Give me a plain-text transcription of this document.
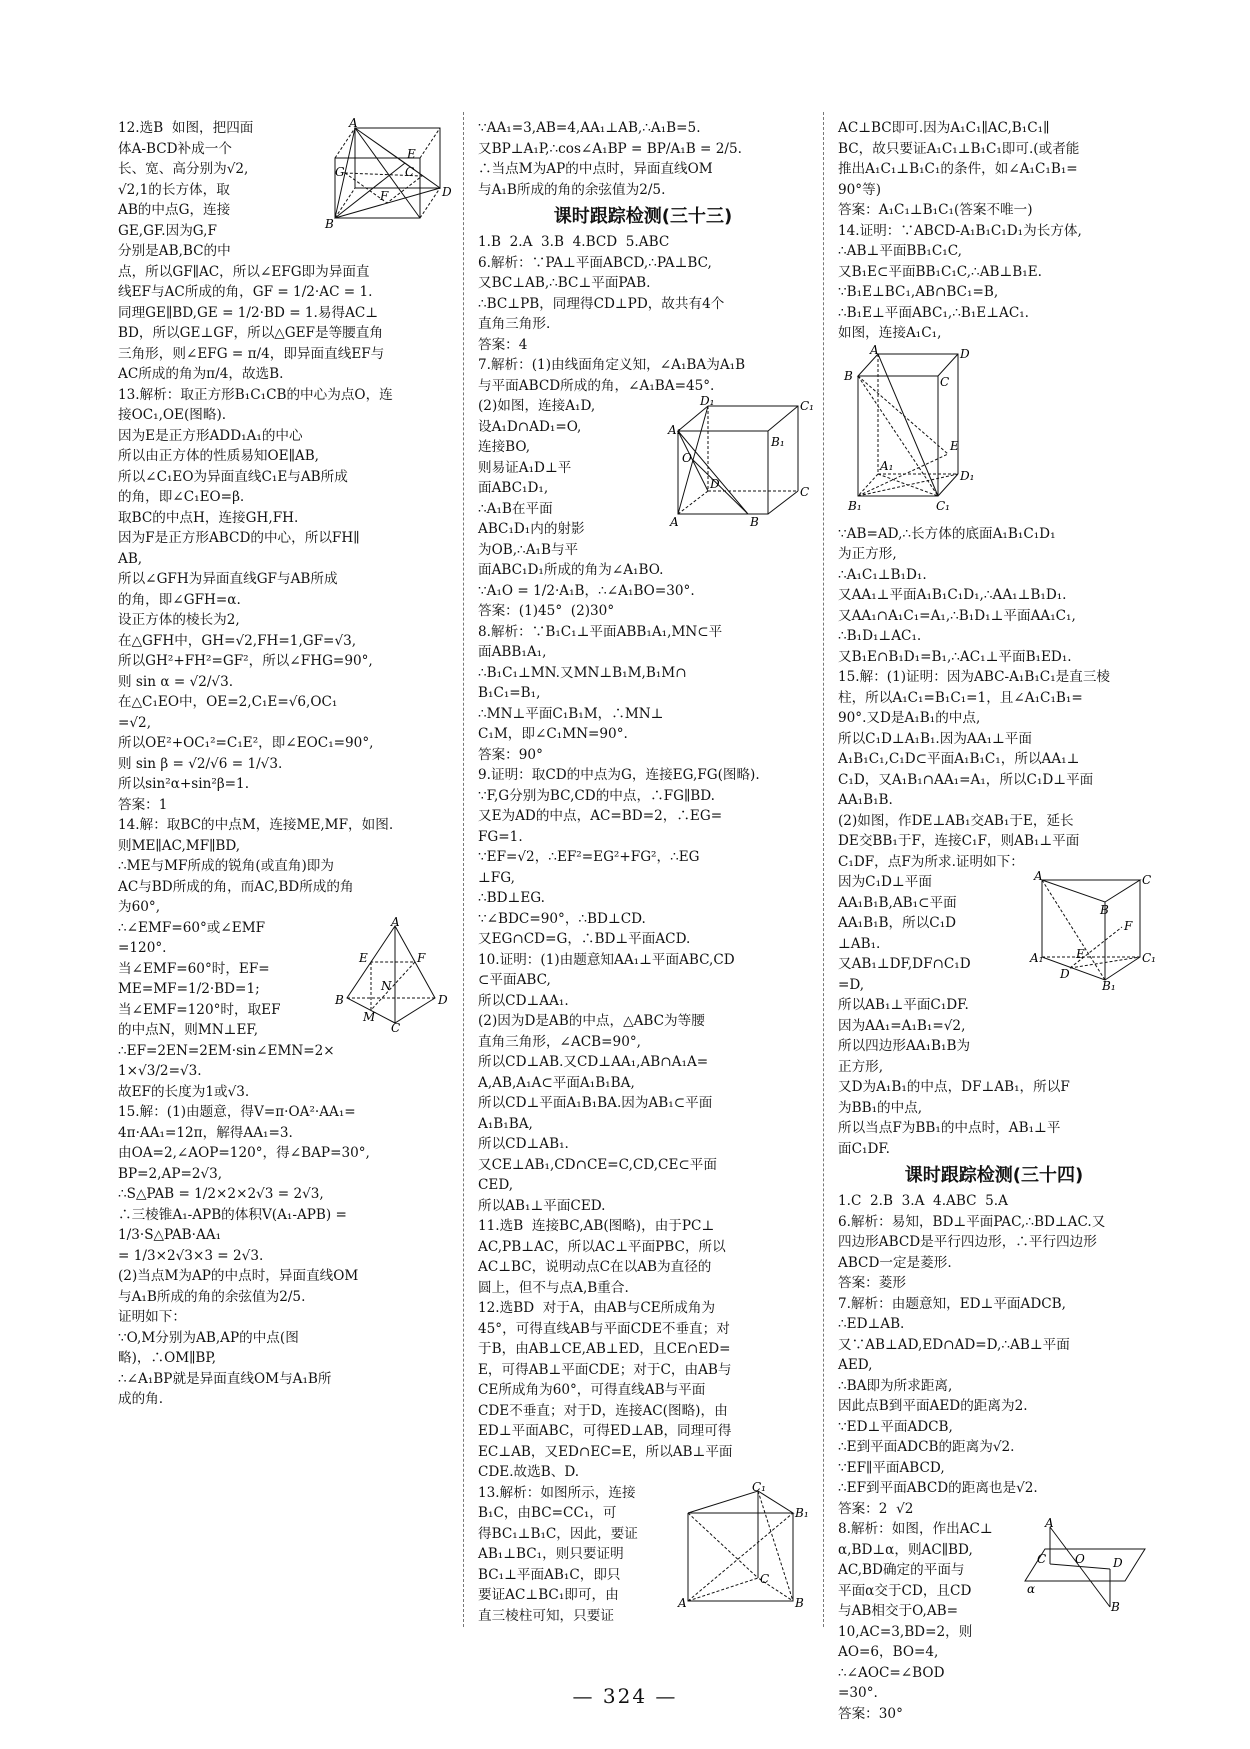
A
B
C
D
G
F
E

12.选B  如图，把四面

体A-BCD补成一个

长、宽、高分别为√2,

√2,1的长方体，取

AB的中点G，连接

GE,GF.因为G,F

分别是AB,BC的中

点，所以GF∥AC，所以∠EFG即为异面直

线EF与AC所成的角，GF = 1/2·AC = 1.

同理GE∥BD,GE = 1/2·BD = 1.易得AC⊥

BD，所以GE⊥GF，所以△GEF是等腰直角

三角形，则∠EFG = π/4，即异面直线EF与

AC所成的角为π/4，故选B.

13.解析：取正方形B₁C₁CB的中心为点O，连

接OC₁,OE(图略).

因为E是正方形ADD₁A₁的中心

所以由正方体的性质易知OE∥AB,

所以∠C₁EO为异面直线C₁E与AB所成

的角，即∠C₁EO=β.

取BC的中点H，连接GH,FH.

因为F是正方形ABCD的中心，所以FH∥

AB,

所以∠GFH为异面直线GF与AB所成

的角，即∠GFH=α.

设正方体的棱长为2,

在△GFH中，GH=√2,FH=1,GF=√3,

所以GH²+FH²=GF²，所以∠FHG=90°,

则 sin α = √2/√3.

在△C₁EO中，OE=2,C₁E=√6,OC₁

=√2,

所以OE²+OC₁²=C₁E²，即∠EOC₁=90°,

则 sin β = √2/√6 = 1/√3.

所以sin²α+sin²β=1.

答案：1

14.解：取BC的中点M，连接ME,MF，如图.

则ME∥AC,MF∥BD,

∴ME与MF所成的锐角(或直角)即为

AC与BD所成的角，而AC,BD所成的角

为60°,

A
B
C
D
E	F
M
N

∴∠EMF=60°或∠EMF

=120°.

当∠EMF=60°时，EF=

ME=MF=1/2·BD=1;

当∠EMF=120°时，取EF

的中点N，则MN⊥EF,

∴EF=2EN=2EM·sin∠EMN=2×

1×√3/2=√3.

故EF的长度为1或√3.

15.解：(1)由题意，得V=π·OA²·AA₁=

4π·AA₁=12π，解得AA₁=3.

由OA=2,∠AOP=120°，得∠BAP=30°,

BP=2,AP=2√3,

∴S△PAB = 1/2×2×2√3 = 2√3,

∴三棱锥A₁-APB的体积V(A₁-APB) =

1/3·S△PAB·AA₁

= 1/3×2√3×3 = 2√3.

(2)当点M为AP的中点时，异面直线OM

与A₁B所成的角的余弦值为2/5.

证明如下：

∵O,M分别为AB,AP的中点(图

略)，∴OM∥BP,

∴∠A₁BP就是异面直线OM与A₁B所

成的角.

∵AA₁=3,AB=4,AA₁⊥AB,∴A₁B=5.

又BP⊥A₁P,∴cos∠A₁BP = BP/A₁B = 2/5.

∴当点M为AP的中点时，异面直线OM

与A₁B所成的角的余弦值为2/5.

课时跟踪检测(三十三)

1.B  2.A  3.B  4.BCD  5.ABC

6.解析：∵PA⊥平面ABCD,∴PA⊥BC,

又BC⊥AB,∴BC⊥平面PAB.

∴BC⊥PB，同理得CD⊥PD，故共有4个

直角三角形.

答案：4

7.解析：(1)由线面角定义知，∠A₁BA为A₁B

与平面ABCD所成的角，∠A₁BA=45°.

D₁	C₁
A₁
B₁
O
D
C
A	B

(2)如图，连接A₁D,

设A₁D∩AD₁=O,

连接BO,

则易证A₁D⊥平

面ABC₁D₁,

∴A₁B在平面

ABC₁D₁内的射影

为OB,∴A₁B与平

面ABC₁D₁所成的角为∠A₁BO.

∵A₁O = 1/2·A₁B，∴∠A₁BO=30°.

答案：(1)45°  (2)30°

8.解析：∵B₁C₁⊥平面ABB₁A₁,MN⊂平

面ABB₁A₁,

∴B₁C₁⊥MN.又MN⊥B₁M,B₁M∩

B₁C₁=B₁,

∴MN⊥平面C₁B₁M，∴MN⊥

C₁M，即∠C₁MN=90°.

答案：90°

9.证明：取CD的中点为G，连接EG,FG(图略).

∵F,G分别为BC,CD的中点，∴FG∥BD.

又E为AD的中点，AC=BD=2，∴EG=

FG=1.

∵EF=√2，∴EF²=EG²+FG²，∴EG

⊥FG,

∴BD⊥EG.

∵∠BDC=90°，∴BD⊥CD.

又EG∩CD=G，∴BD⊥平面ACD.

10.证明：(1)由题意知AA₁⊥平面ABC,CD

⊂平面ABC,

所以CD⊥AA₁.

(2)因为D是AB的中点，△ABC为等腰

直角三角形，∠ACB=90°,

所以CD⊥AB.又CD⊥AA₁,AB∩A₁A=

A,AB,A₁A⊂平面A₁B₁BA,

所以CD⊥平面A₁B₁BA.因为AB₁⊂平面

A₁B₁BA,

所以CD⊥AB₁.

又CE⊥AB₁,CD∩CE=C,CD,CE⊂平面

CED,

所以AB₁⊥平面CED.

11.选B  连接BC,AB(图略)，由于PC⊥

AC,PB⊥AC，所以AC⊥平面PBC，所以

AC⊥BC，说明动点C在以AB为直径的

圆上，但不与点A,B重合.

12.选BD  对于A，由AB与CE所成角为

45°，可得直线AB与平面CDE不垂直；对

于B，由AB⊥CE,AB⊥ED，且CE∩ED=

E，可得AB⊥平面CDE；对于C，由AB与

CE所成角为60°，可得直线AB与平面

CDE不垂直；对于D，连接AC(图略)，由

ED⊥平面ABC，可得ED⊥AB，同理可得

EC⊥AB，又ED∩EC=E，所以AB⊥平面

CDE.故选B、D.

C₁
B₁
A	B
C

13.解析：如图所示，连接

B₁C，由BC=CC₁，可

得BC₁⊥B₁C，因此，要证

AB₁⊥BC₁，则只要证明

BC₁⊥平面AB₁C，即只

要证AC⊥BC₁即可，由

直三棱柱可知，只要证

AC⊥BC即可.因为A₁C₁∥AC,B₁C₁∥

BC，故只要证A₁C₁⊥B₁C₁即可.(或者能

推出A₁C₁⊥B₁C₁的条件，如∠A₁C₁B₁=

90°等)

答案：A₁C₁⊥B₁C₁(答案不唯一)

14.证明：∵ABCD-A₁B₁C₁D₁为长方体,

∴AB⊥平面BB₁C₁C,

又B₁E⊂平面BB₁C₁C,∴AB⊥B₁E.

∵B₁E⊥BC₁,AB∩BC₁=B,

∴B₁E⊥平面ABC₁,∴B₁E⊥AC₁.

如图，连接A₁C₁,

A	D
B	C
E
A₁
D₁
B₁	C₁

∵AB=AD,∴长方体的底面A₁B₁C₁D₁

为正方形,

∴A₁C₁⊥B₁D₁.

又AA₁⊥平面A₁B₁C₁D₁,∴AA₁⊥B₁D₁.

又AA₁∩A₁C₁=A₁,∴B₁D₁⊥平面AA₁C₁,

∴B₁D₁⊥AC₁.

又B₁E∩B₁D₁=B₁,∴AC₁⊥平面B₁ED₁.

15.解：(1)证明：因为ABC-A₁B₁C₁是直三棱

柱，所以A₁C₁=B₁C₁=1，且∠A₁C₁B₁=

90°.又D是A₁B₁的中点,

所以C₁D⊥A₁B₁.因为AA₁⊥平面

A₁B₁C₁,C₁D⊂平面A₁B₁C₁，所以AA₁⊥

C₁D，又A₁B₁∩AA₁=A₁，所以C₁D⊥平面

AA₁B₁B.

(2)如图，作DE⊥AB₁交AB₁于E，延长

DE交BB₁于F，连接C₁F，则AB₁⊥平面

C₁DF，点F为所求.证明如下：

A	C
B
A₁
D
E
F
C₁
B₁

因为C₁D⊥平面

AA₁B₁B,AB₁⊂平面

AA₁B₁B，所以C₁D

⊥AB₁.

又AB₁⊥DF,DF∩C₁D

=D,

所以AB₁⊥平面C₁DF.

因为AA₁=A₁B₁=√2,

所以四边形AA₁B₁B为

正方形,

又D为A₁B₁的中点，DF⊥AB₁，所以F

为BB₁的中点,

所以当点F为BB₁的中点时，AB₁⊥平

面C₁DF.

课时跟踪检测(三十四)

1.C  2.B  3.A  4.ABC  5.A

6.解析：易知，BD⊥平面PAC,∴BD⊥AC.又

四边形ABCD是平行四边形，∴平行四边形

ABCD一定是菱形.

答案：菱形

7.解析：由题意知，ED⊥平面ADCB,

∴ED⊥AB.

又∵AB⊥AD,ED∩AD=D,∴AB⊥平面

AED,

∴BA即为所求距离,

因此点B到平面AED的距离为2.

∵ED⊥平面ADCB,

∴E到平面ADCB的距离为√2.

∵EF∥平面ABCD,

∴EF到平面ABCD的距离也是√2.

答案：2  √2

A
C O D
α
B

8.解析：如图，作出AC⊥

α,BD⊥α，则AC∥BD,

AC,BD确定的平面与

平面α交于CD，且CD

与AB相交于O,AB=

10,AC=3,BD=2，则

AO=6，BO=4,

∴∠AOC=∠BOD

=30°.

答案：30°

— 324 —
